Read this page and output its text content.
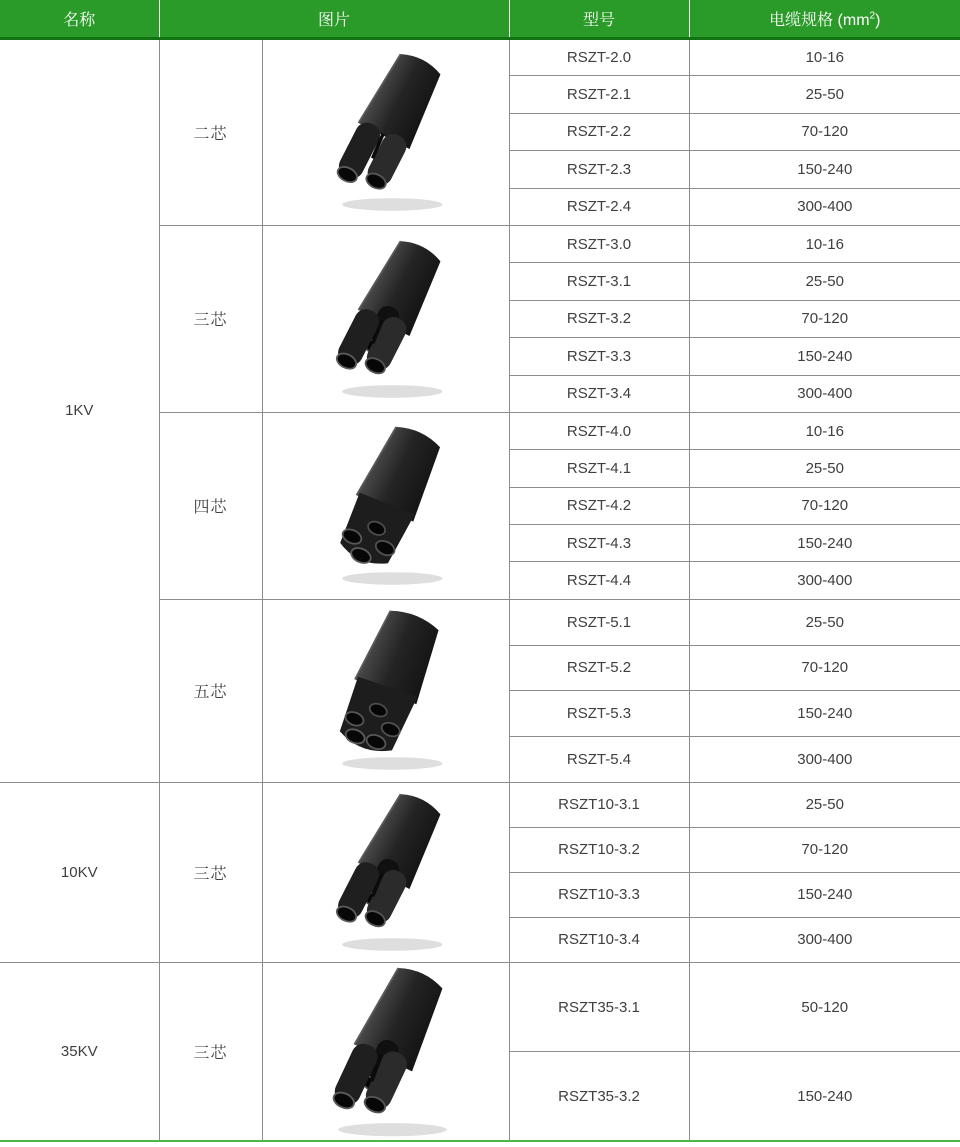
名称	图片		型号	电缆规格 $(mm^2)$
1KV	二芯		RSZT-2.0	10-16
			RSZT-2.1	25-50
			RSZT-2.2	70-120
			RSZT-2.3	150-240
			RSZT-2.4	300-400
	三芯		RSZT-3.0	10-16
			RSZT-3.1	25-50
			RSZT-3.2	70-120
			RSZT-3.3	150-240
			RSZT-3.4	300-400
	四芯		RSZT-4.0	10-16
			RSZT-4.1	25-50
			RSZT-4.2	70-120
			RSZT-4.3	150-240
			RSZT-4.4	300-400
	五芯		RSZT-5.1	25-50
			RSZT-5.2	70-120
			RSZT-5.3	150-240
			RSZT-5.4	300-400
10KV	三芯		RSZT10-3.1	25-50
			RSZT10-3.2	70-120
			RSZT10-3.3	150-240
			RSZT10-3.4	300-400
35KV	三芯		RSZT35-3.1	50-120
			RSZT35-3.2	150-240
